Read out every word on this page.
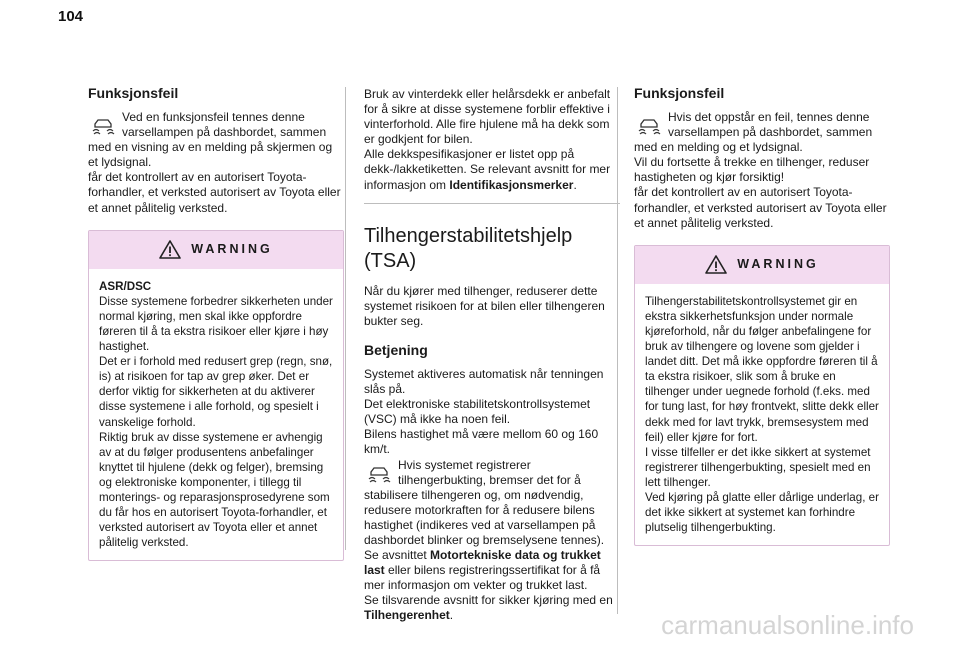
104
Funksjonsfeil

Ved en funksjonsfeil tennes denne varsellampen på dashbordet, sammen med en visning av en melding på skjermen og et lydsignal.
får det kontrollert av en autorisert Toyota-forhandler, et verksted autorisert av Toyota eller et annet pålitelig verksted.

WARNING

ASR/DSC

Disse systemene forbedrer sikkerheten under normal kjøring, men skal ikke oppfordre føreren til å ta ekstra risikoer eller kjøre i høy hastighet.
Det er i forhold med redusert grep (regn, snø, is) at risikoen for tap av grep øker. Det er derfor viktig for sikkerheten at du aktiverer disse systemene i alle forhold, og spesielt i vanskelige forhold.
Riktig bruk av disse systemene er avhengig av at du følger produsentens anbefalinger knyttet til hjulene (dekk og felger), bremsing og elektroniske komponenter, i tillegg til monterings- og reparasjonsprosedyrene som du får hos en autorisert Toyota-forhandler, et verksted autorisert av Toyota eller et annet pålitelig verksted.

Bruk av vinterdekk eller helårsdekk er anbefalt for å sikre at disse systemene forblir effektive i vinterforhold. Alle fire hjulene må ha dekk som er godkjent for bilen.
Alle dekkspesifikasjoner er listet opp på dekk-/lakketiketten. Se relevant avsnitt for mer informasjon om Identifikasjonsmerker.

Tilhengerstabilitetshjelp (TSA)

Når du kjører med tilhenger, reduserer dette systemet risikoen for at bilen eller tilhengeren bukter seg.

Betjening

Systemet aktiveres automatisk når tenningen slås på.
Det elektroniske stabilitetskontrollsystemet (VSC) må ikke ha noen feil.
Bilens hastighet må være mellom 60 og 160 km/t.

Hvis systemet registrerer tilhengerbukting, bremser det for å stabilisere tilhengeren og, om nødvendig, redusere motorkraften for å redusere bilens hastighet (indikeres ved at varsellampen på dashbordet blinker og bremselysene tennes).

Se avsnittet Motortekniske data og trukket last eller bilens registreringssertifikat for å få mer informasjon om vekter og trukket last.

Se tilsvarende avsnitt for sikker kjøring med en Tilhengerenhet.

Funksjonsfeil

Hvis det oppstår en feil, tennes denne varsellampen på dashbordet, sammen med en melding og et lydsignal.
Vil du fortsette å trekke en tilhenger, reduser hastigheten og kjør forsiktig!
får det kontrollert av en autorisert Toyota-forhandler, et verksted autorisert av Toyota eller et annet pålitelig verksted.

WARNING

Tilhengerstabilitetskontrollsystemet gir en ekstra sikkerhetsfunksjon under normale kjøreforhold, når du følger anbefalingene for bruk av tilhengere og lovene som gjelder i landet ditt. Det må ikke oppfordre føreren til å ta ekstra risikoer, slik som å bruke en tilhenger under uegnede forhold (f.eks. med for tung last, for høy frontvekt, slitte dekk eller dekk med for lavt trykk, bremsesystem med feil) eller kjøre for fort.
I visse tilfeller er det ikke sikkert at systemet registrerer tilhengerbukting, spesielt med en lett tilhenger.
Ved kjøring på glatte eller dårlige underlag, er det ikke sikkert at systemet kan forhindre plutselig tilhengerbukting.

carmanualsonline.info
